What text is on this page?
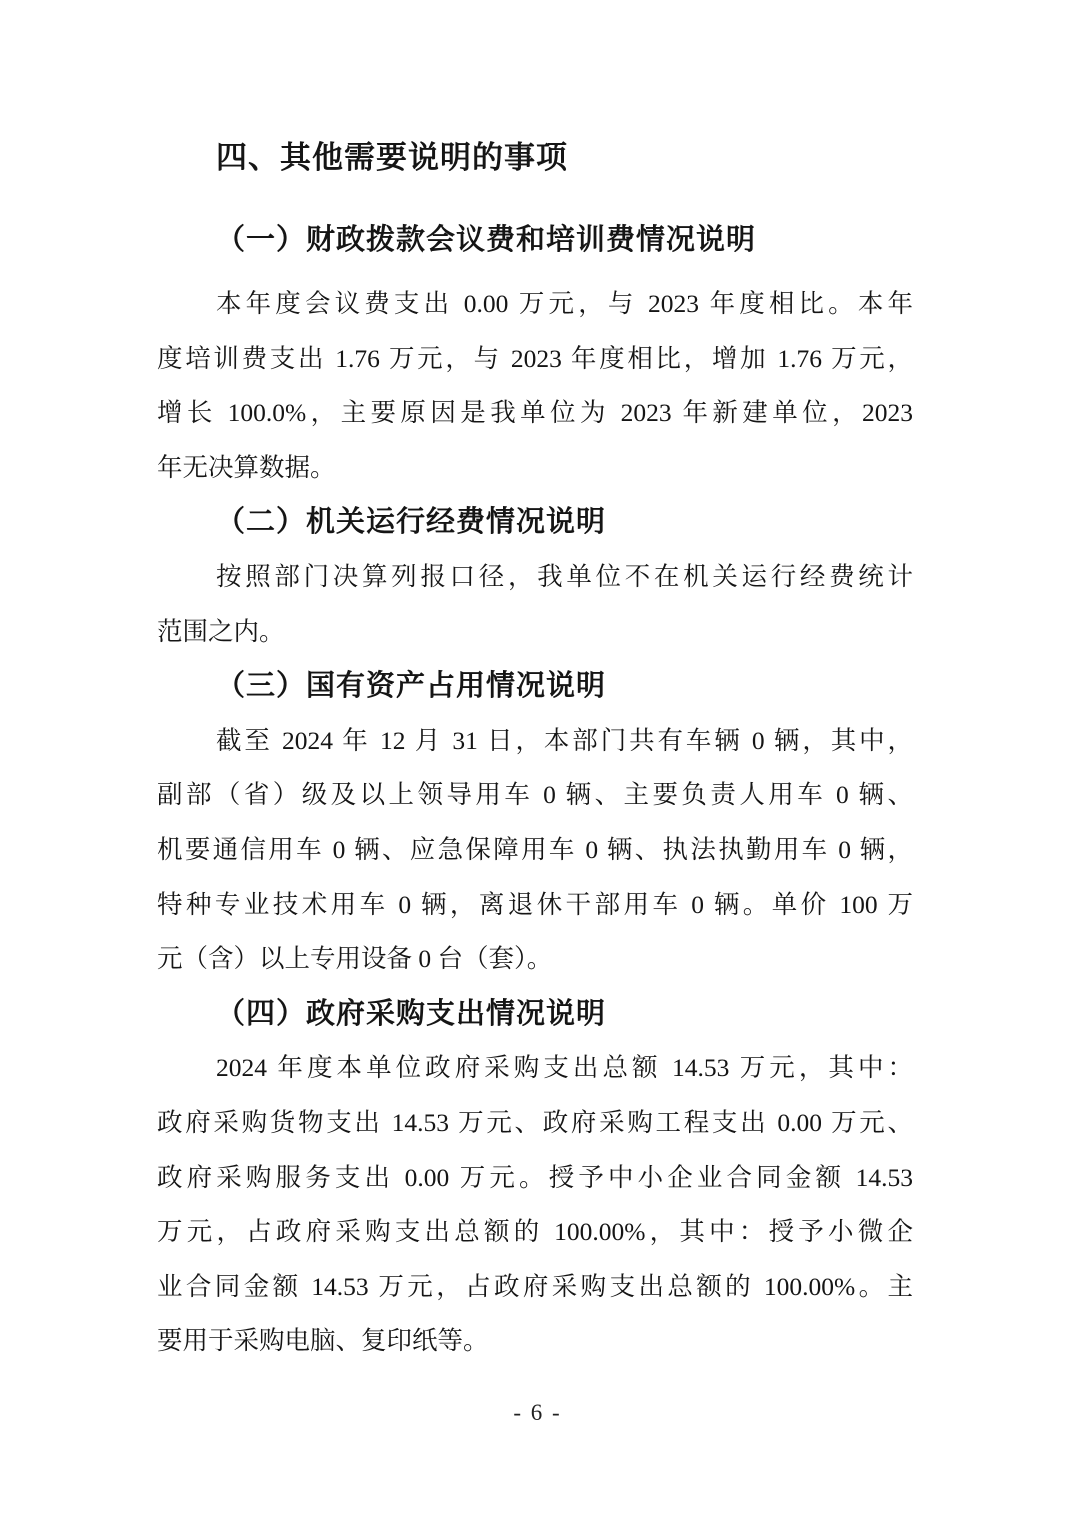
四、其他需要说明的事项
（一）财政拨款会议费和培训费情况说明
本年度会议费支出 0.00 万元，与 2023 年度相比。本年
度培训费支出 1.76 万元，与 2023 年度相比，增加 1.76 万元，
增长 100.0%，主要原因是我单位为 2023 年新建单位，2023
年无决算数据。
（二）机关运行经费情况说明
按照部门决算列报口径，我单位不在机关运行经费统计
范围之内。
（三）国有资产占用情况说明
截至 2024 年 12 月 31 日，本部门共有车辆 0 辆，其中，
副部（省）级及以上领导用车 0 辆、主要负责人用车 0 辆、
机要通信用车 0 辆、应急保障用车 0 辆、执法执勤用车 0 辆，
特种专业技术用车 0 辆，离退休干部用车 0 辆。单价 100 万
元（含）以上专用设备 0 台（套）。
（四）政府采购支出情况说明
2024 年度本单位政府采购支出总额 14.53 万元，其中：
政府采购货物支出 14.53 万元、政府采购工程支出 0.00 万元、
政府采购服务支出 0.00 万元。授予中小企业合同金额 14.53
万元，占政府采购支出总额的 100.00%，其中：授予小微企
业合同金额 14.53 万元，占政府采购支出总额的 100.00%。主
要用于采购电脑、复印纸等。
- 6 -
